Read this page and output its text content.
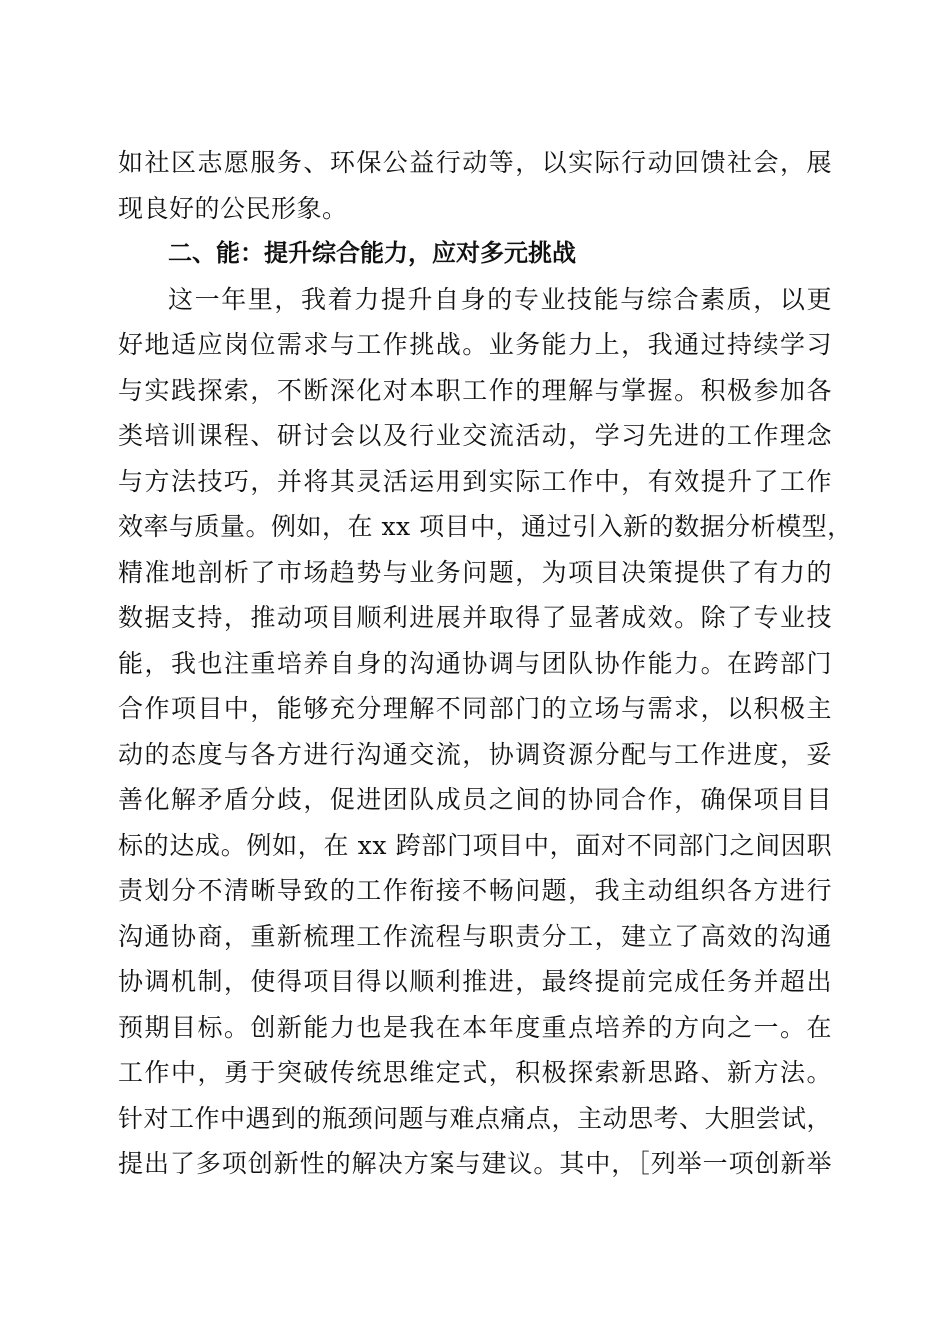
如社区志愿服务、环保公益行动等，以实际行动回馈社会，展
现良好的公民形象。
二、能：提升综合能力，应对多元挑战
这一年里，我着力提升自身的专业技能与综合素质，以更
好地适应岗位需求与工作挑战。业务能力上，我通过持续学习
与实践探索，不断深化对本职工作的理解与掌握。积极参加各
类培训课程、研讨会以及行业交流活动，学习先进的工作理念
与方法技巧，并将其灵活运用到实际工作中，有效提升了工作
效率与质量。例如，在 xx 项目中，通过引入新的数据分析模型，
精准地剖析了市场趋势与业务问题，为项目决策提供了有力的
数据支持，推动项目顺利进展并取得了显著成效。除了专业技
能，我也注重培养自身的沟通协调与团队协作能力。在跨部门
合作项目中，能够充分理解不同部门的立场与需求，以积极主
动的态度与各方进行沟通交流，协调资源分配与工作进度，妥
善化解矛盾分歧，促进团队成员之间的协同合作，确保项目目
标的达成。例如，在 xx 跨部门项目中，面对不同部门之间因职
责划分不清晰导致的工作衔接不畅问题，我主动组织各方进行
沟通协商，重新梳理工作流程与职责分工，建立了高效的沟通
协调机制，使得项目得以顺利推进，最终提前完成任务并超出
预期目标。创新能力也是我在本年度重点培养的方向之一。在
工作中，勇于突破传统思维定式，积极探索新思路、新方法。
针对工作中遇到的瓶颈问题与难点痛点，主动思考、大胆尝试，
提出了多项创新性的解决方案与建议。其中，［列举一项创新举
